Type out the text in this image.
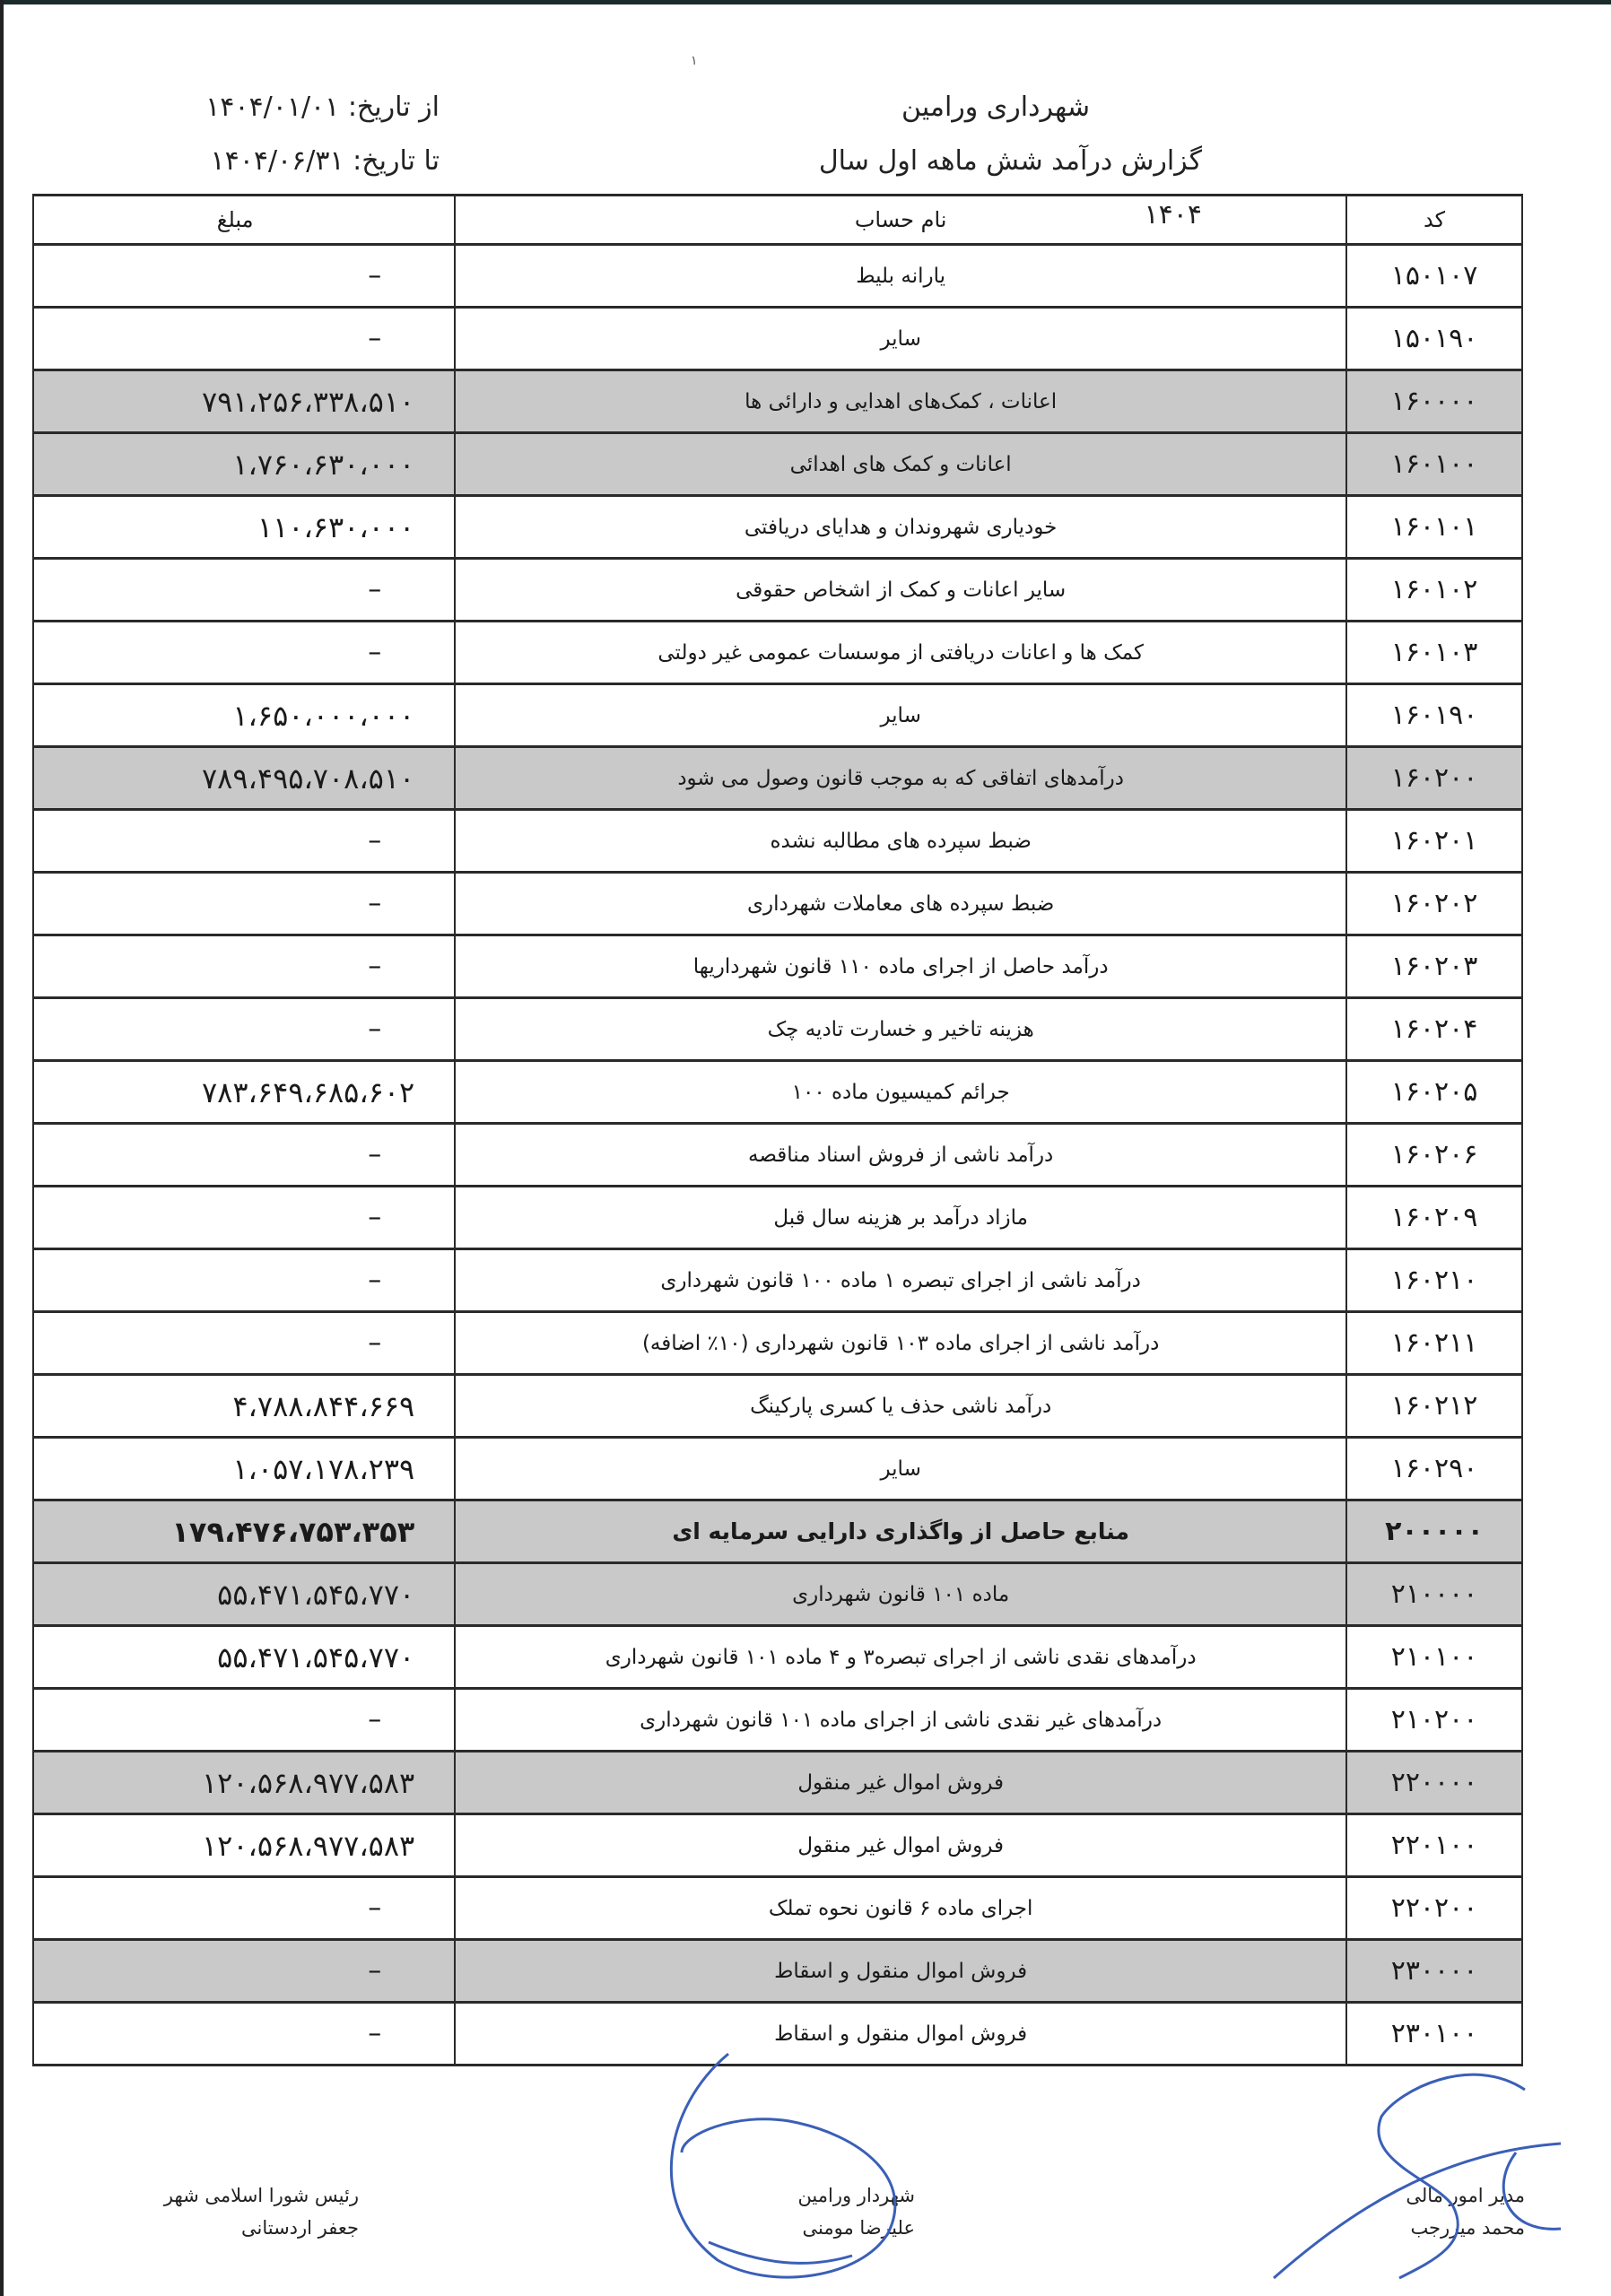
۱
شهرداری ورامین
گزارش درآمد شش ماهه اول سال ۱۴۰۴
از تاریخ: ۱۴۰۴/۰۱/۰۱
تا تاریخ: ۱۴۰۴/۰۶/۳۱
کد	نام حساب	مبلغ
۱۵۰۱۰۷	یارانه بلیط	–

۱۵۰۱۹۰	سایر	–

۱۶۰۰۰۰	اعانات ، کمک‌های اهدایی و دارائی ها	۷۹۱،۲۵۶،۳۳۸،۵۱۰

۱۶۰۱۰۰	اعانات و کمک های اهدائی	۱،۷۶۰،۶۳۰،۰۰۰

۱۶۰۱۰۱	خودیاری شهروندان و هدایای دریافتی	۱۱۰،۶۳۰،۰۰۰

۱۶۰۱۰۲	سایر اعانات و کمک از اشخاص حقوقی	–

۱۶۰۱۰۳	کمک ها و اعانات دریافتی از موسسات عمومی غیر دولتی	–

۱۶۰۱۹۰	سایر	۱،۶۵۰،۰۰۰،۰۰۰

۱۶۰۲۰۰	درآمدهای اتفاقی که به موجب قانون وصول می شود	۷۸۹،۴۹۵،۷۰۸،۵۱۰

۱۶۰۲۰۱	ضبط سپرده های مطالبه نشده	–

۱۶۰۲۰۲	ضبط سپرده های معاملات شهرداری	–

۱۶۰۲۰۳	درآمد حاصل از اجرای ماده ۱۱۰ قانون شهرداریها	–

۱۶۰۲۰۴	هزینه تاخیر و خسارت تادیه چک	–

۱۶۰۲۰۵	جرائم کمیسیون ماده ۱۰۰	۷۸۳،۶۴۹،۶۸۵،۶۰۲

۱۶۰۲۰۶	درآمد ناشی از فروش اسناد مناقصه	–

۱۶۰۲۰۹	مازاد درآمد بر هزینه سال قبل	–

۱۶۰۲۱۰	درآمد ناشی از اجرای تبصره ۱ ماده ۱۰۰ قانون شهرداری	–

۱۶۰۲۱۱	درآمد ناشی از اجرای ماده ۱۰۳ قانون شهرداری (۱۰٪ اضافه)	–

۱۶۰۲۱۲	درآمد ناشی حذف یا کسری پارکینگ	۴،۷۸۸،۸۴۴،۶۶۹

۱۶۰۲۹۰	سایر	۱،۰۵۷،۱۷۸،۲۳۹

۲۰۰۰۰۰	منابع حاصل از واگذاری دارایی سرمایه ای	۱۷۹،۴۷۶،۷۵۳،۳۵۳

۲۱۰۰۰۰	ماده ۱۰۱ قانون شهرداری	۵۵،۴۷۱،۵۴۵،۷۷۰

۲۱۰۱۰۰	درآمدهای نقدی ناشی از اجرای تبصره۳ و ۴ ماده ۱۰۱ قانون شهرداری	۵۵،۴۷۱،۵۴۵،۷۷۰

۲۱۰۲۰۰	درآمدهای غیر نقدی ناشی از اجرای ماده ۱۰۱ قانون شهرداری	–

۲۲۰۰۰۰	فروش اموال غیر منقول	۱۲۰،۵۶۸،۹۷۷،۵۸۳

۲۲۰۱۰۰	فروش اموال غیر منقول	۱۲۰،۵۶۸،۹۷۷،۵۸۳

۲۲۰۲۰۰	اجرای ماده ۶ قانون نحوه تملک	–

۲۳۰۰۰۰	فروش اموال منقول و اسقاط	–

۲۳۰۱۰۰	فروش اموال منقول و اسقاط	–
رئیس شورا اسلامی شهر
جعفر اردستانی
شهردار ورامین
علیرضا مومنی
مدیر امور مالی
محمد میررجب
